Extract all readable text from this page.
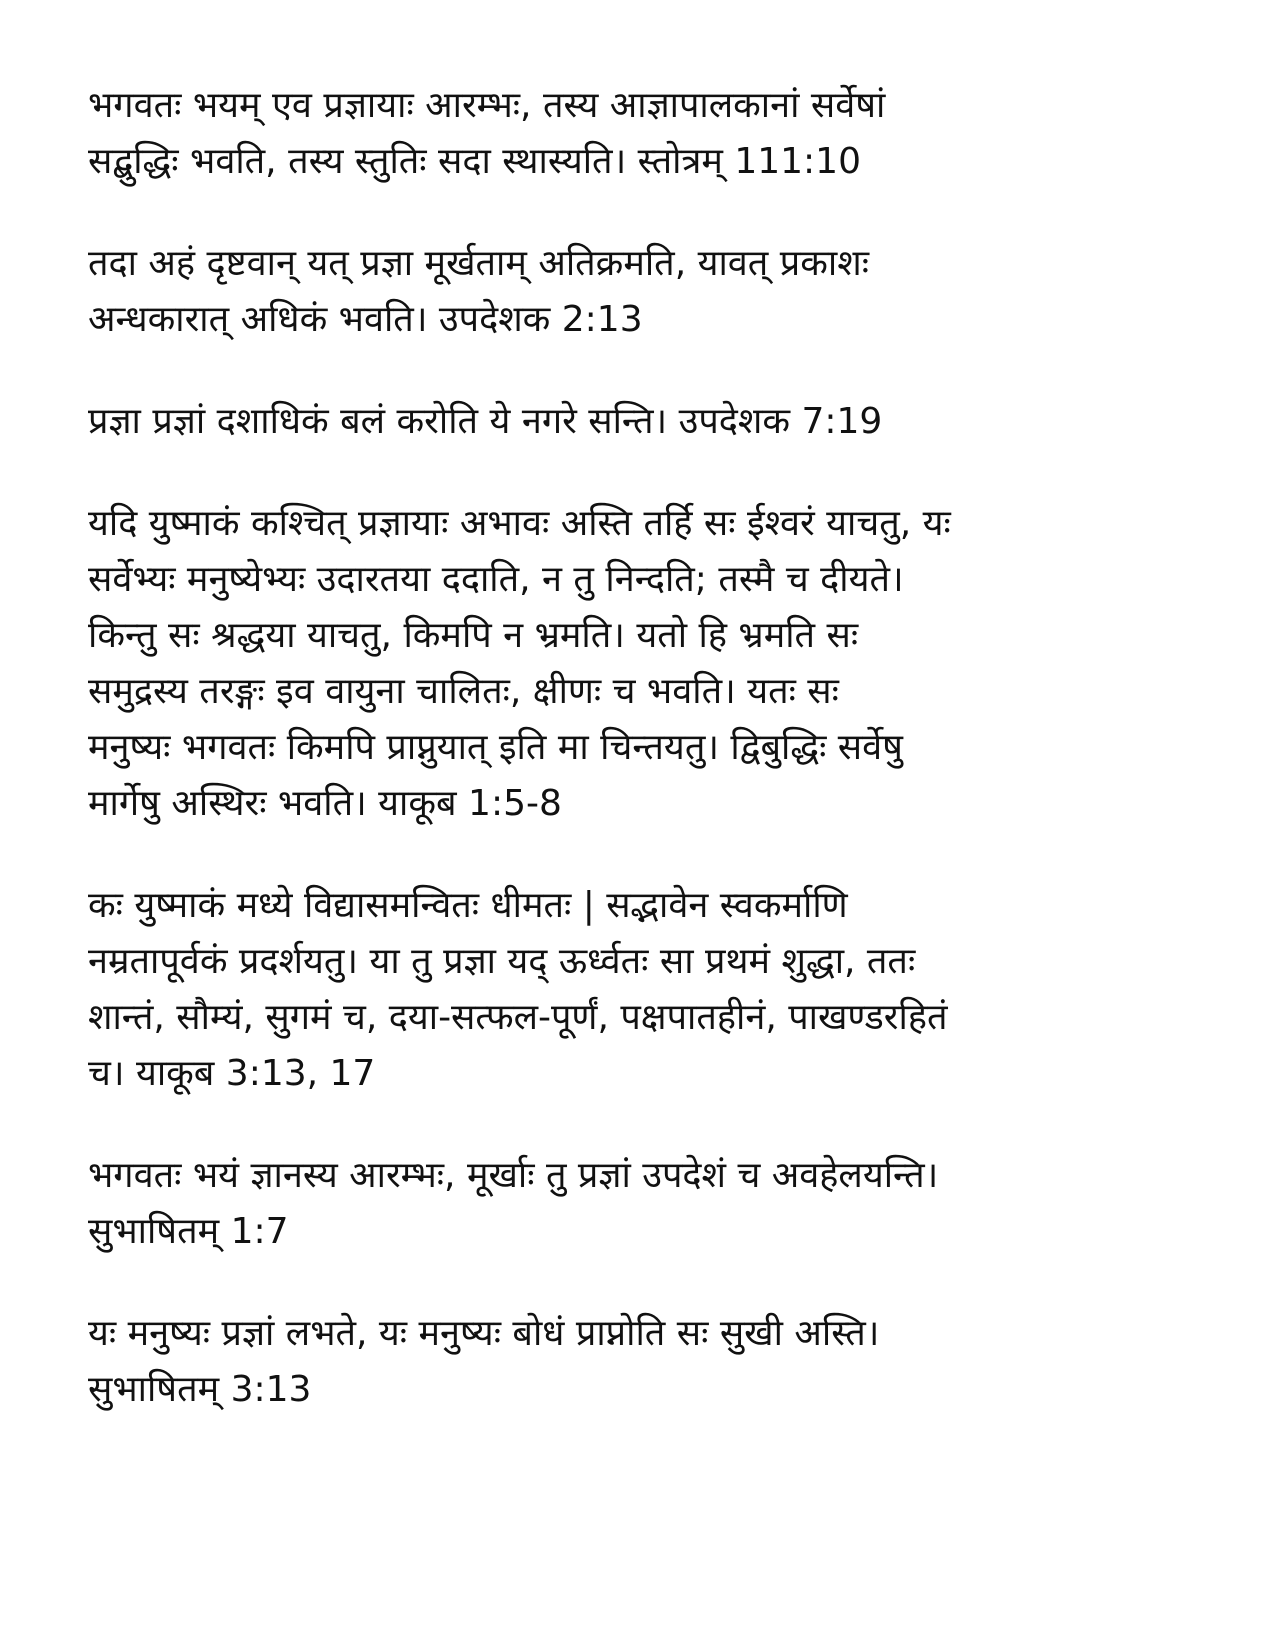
भगवतः भयम् एव प्रज्ञायाः आरम्भः, तस्य आज्ञापालकानां सर्वेषां
सद्बुद्धिः भवति, तस्य स्तुतिः सदा स्थास्यति। स्तोत्रम् 111:10
तदा अहं दृष्टवान् यत् प्रज्ञा मूर्खताम् अतिक्रमति, यावत् प्रकाशः
अन्धकारात् अधिकं भवति। उपदेशक 2:13
प्रज्ञा प्रज्ञां दशाधिकं बलं करोति ये नगरे सन्ति। उपदेशक 7:19
यदि युष्माकं कश्चित् प्रज्ञायाः अभावः अस्ति तर्हि सः ईश्वरं याचतु, यः
सर्वेभ्यः मनुष्येभ्यः उदारतया ददाति, न तु निन्दति; तस्मै च दीयते।
किन्तु सः श्रद्धया याचतु, किमपि न भ्रमति। यतो हि भ्रमति सः
समुद्रस्य तरङ्गः इव वायुना चालितः, क्षीणः च भवति। यतः सः
मनुष्यः भगवतः किमपि प्राप्नुयात् इति मा चिन्तयतु। द्विबुद्धिः सर्वेषु
मार्गेषु अस्थिरः भवति। याकूब 1:5-8
कः युष्माकं मध्ये विद्यासमन्वितः धीमतः | सद्भावेन स्वकर्माणि
नम्रतापूर्वकं प्रदर्शयतु। या तु प्रज्ञा यद् ऊर्ध्वतः सा प्रथमं शुद्धा, ततः
शान्तं, सौम्यं, सुगमं च, दया-सत्फल-पूर्णं, पक्षपातहीनं, पाखण्डरहितं
च। याकूब 3:13, 17
भगवतः भयं ज्ञानस्य आरम्भः, मूर्खाः तु प्रज्ञां उपदेशं च अवहेलयन्ति।
सुभाषितम् 1:7
यः मनुष्यः प्रज्ञां लभते, यः मनुष्यः बोधं प्राप्नोति सः सुखी अस्ति।
सुभाषितम् 3:13
